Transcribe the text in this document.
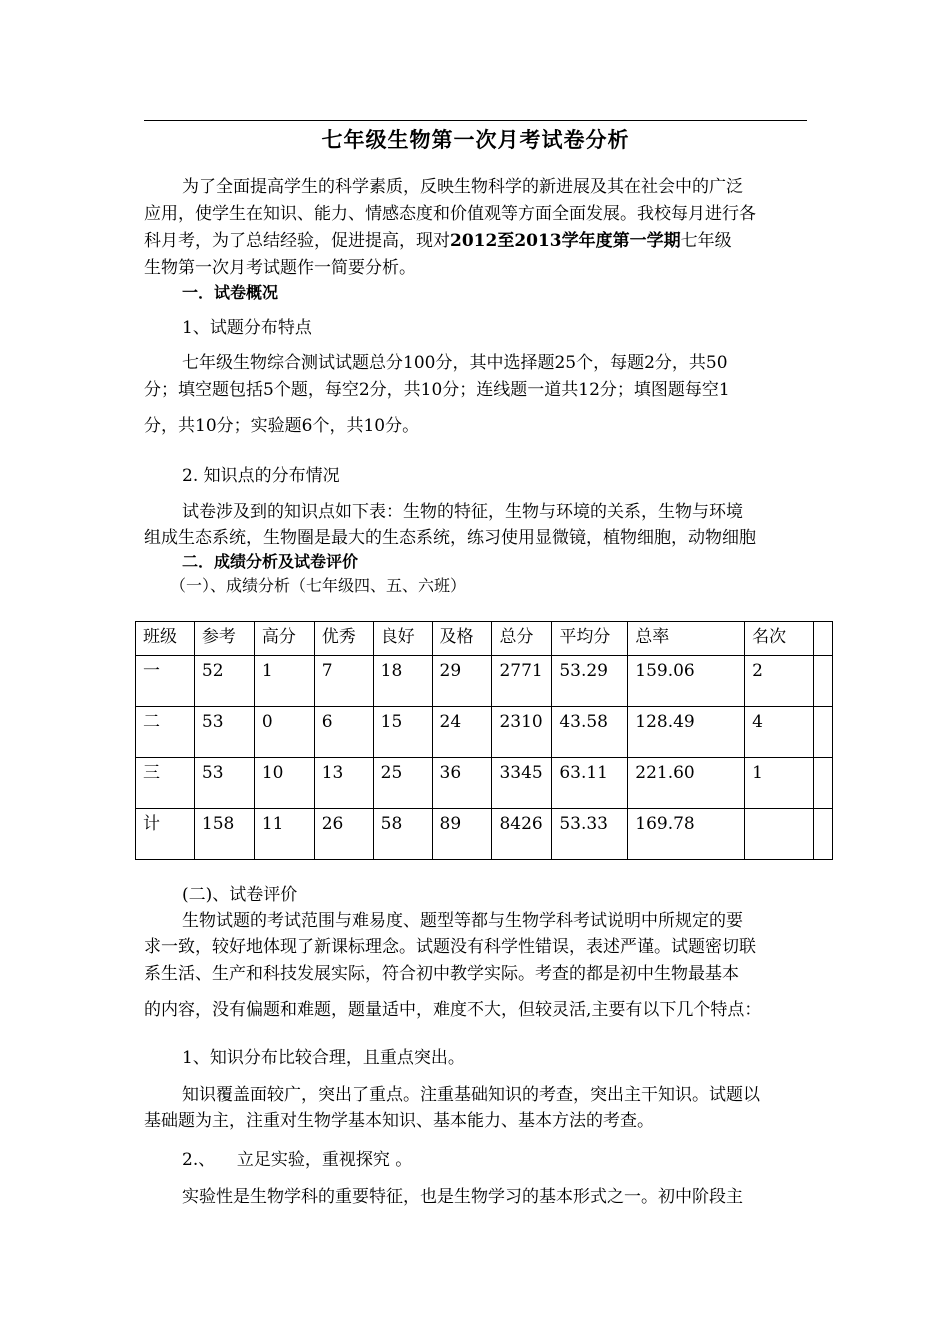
七年级生物第一次月考试卷分析
为了全面提高学生的科学素质，反映生物科学的新进展及其在社会中的广泛
应用，使学生在知识、能力、情感态度和价值观等方面全面发展。我校每月进行各
科月考，为了总结经验，促进提高，现对2012至2013学年度第一学期七年级
生物第一次月考试题作一简要分析。
一．试卷概况
1、试题分布特点
七年级生物综合测试试题总分100分，其中选择题25个，每题2分，共50
分；填空题包括5个题，每空2分，共10分；连线题一道共12分；填图题每空1
分，共10分；实验题6个，共10分。
2. 知识点的分布情况
试卷涉及到的知识点如下表：生物的特征，生物与环境的关系，生物与环境
组成生态系统，生物圈是最大的生态系统，练习使用显微镜，植物细胞，动物细胞
二．成绩分析及试卷评价
（一）、成绩分析（七年级四、五、六班）
班级	参考	高分	优秀	良好	及格	总分	平均分	总率	名次	
一	52	1	7	18	29	2771	53.29	159.06	2	
二	53	0	6	15	24	2310	43.58	128.49	4	
三	53	10	13	25	36	3345	63.11	221.60	1	
计	158	11	26	58	89	8426	53.33	169.78		
(二)、试卷评价
生物试题的考试范围与难易度、题型等都与生物学科考试说明中所规定的要
求一致，较好地体现了新课标理念。试题没有科学性错误，表述严谨。试题密切联
系生活、生产和科技发展实际，符合初中教学实际。考查的都是初中生物最基本
的内容，没有偏题和难题，题量适中，难度不大，但较灵活,主要有以下几个特点：
1、知识分布比较合理，且重点突出。
知识覆盖面较广，突出了重点。注重基础知识的考查，突出主干知识。试题以
基础题为主，注重对生物学基本知识、基本能力、基本方法的考查。
2.、    立足实验，重视探究 。
实验性是生物学科的重要特征，也是生物学习的基本形式之一。初中阶段主
